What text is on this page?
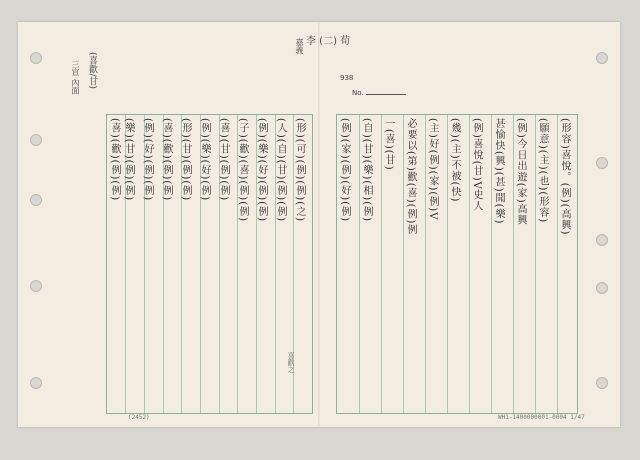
李 (二) 荀
嘉義
938
No.
(喜歡/甘)
三宣 內面
(形容)喜悅。(例)(高興)
(願意)(主)(也)(形容)
(例)今日出遊(家)高興
甚愉快(興)(甚)聞(樂)
(例)喜悅(甘)V史人
(幾)(主)不被(快)
(主)好(例)(家)(例)V
必要以(第)歡(喜)(例)例
一(喜)(甘)
(自)(甘)(樂)(相)(例)
(例)(家)(例)(好)(例)
(形)(可)(例)(例)(之)
(人)(自)(甘)(例)(例)
(例)(樂)(好)(例)(例)
(子)(歡)(喜)(例)(例)
(喜)(甘)(例)(例)
(例)(樂)(好)(例)
(形)(甘)(例)(例)
(喜)(歡)(例)(例)
(例)(好)(例)(例)
(樂)(甘)(例)(例)
(喜)(歡)(例)(例)
(2452)
喜歡之
WH1-1400000001-0004 1/47
